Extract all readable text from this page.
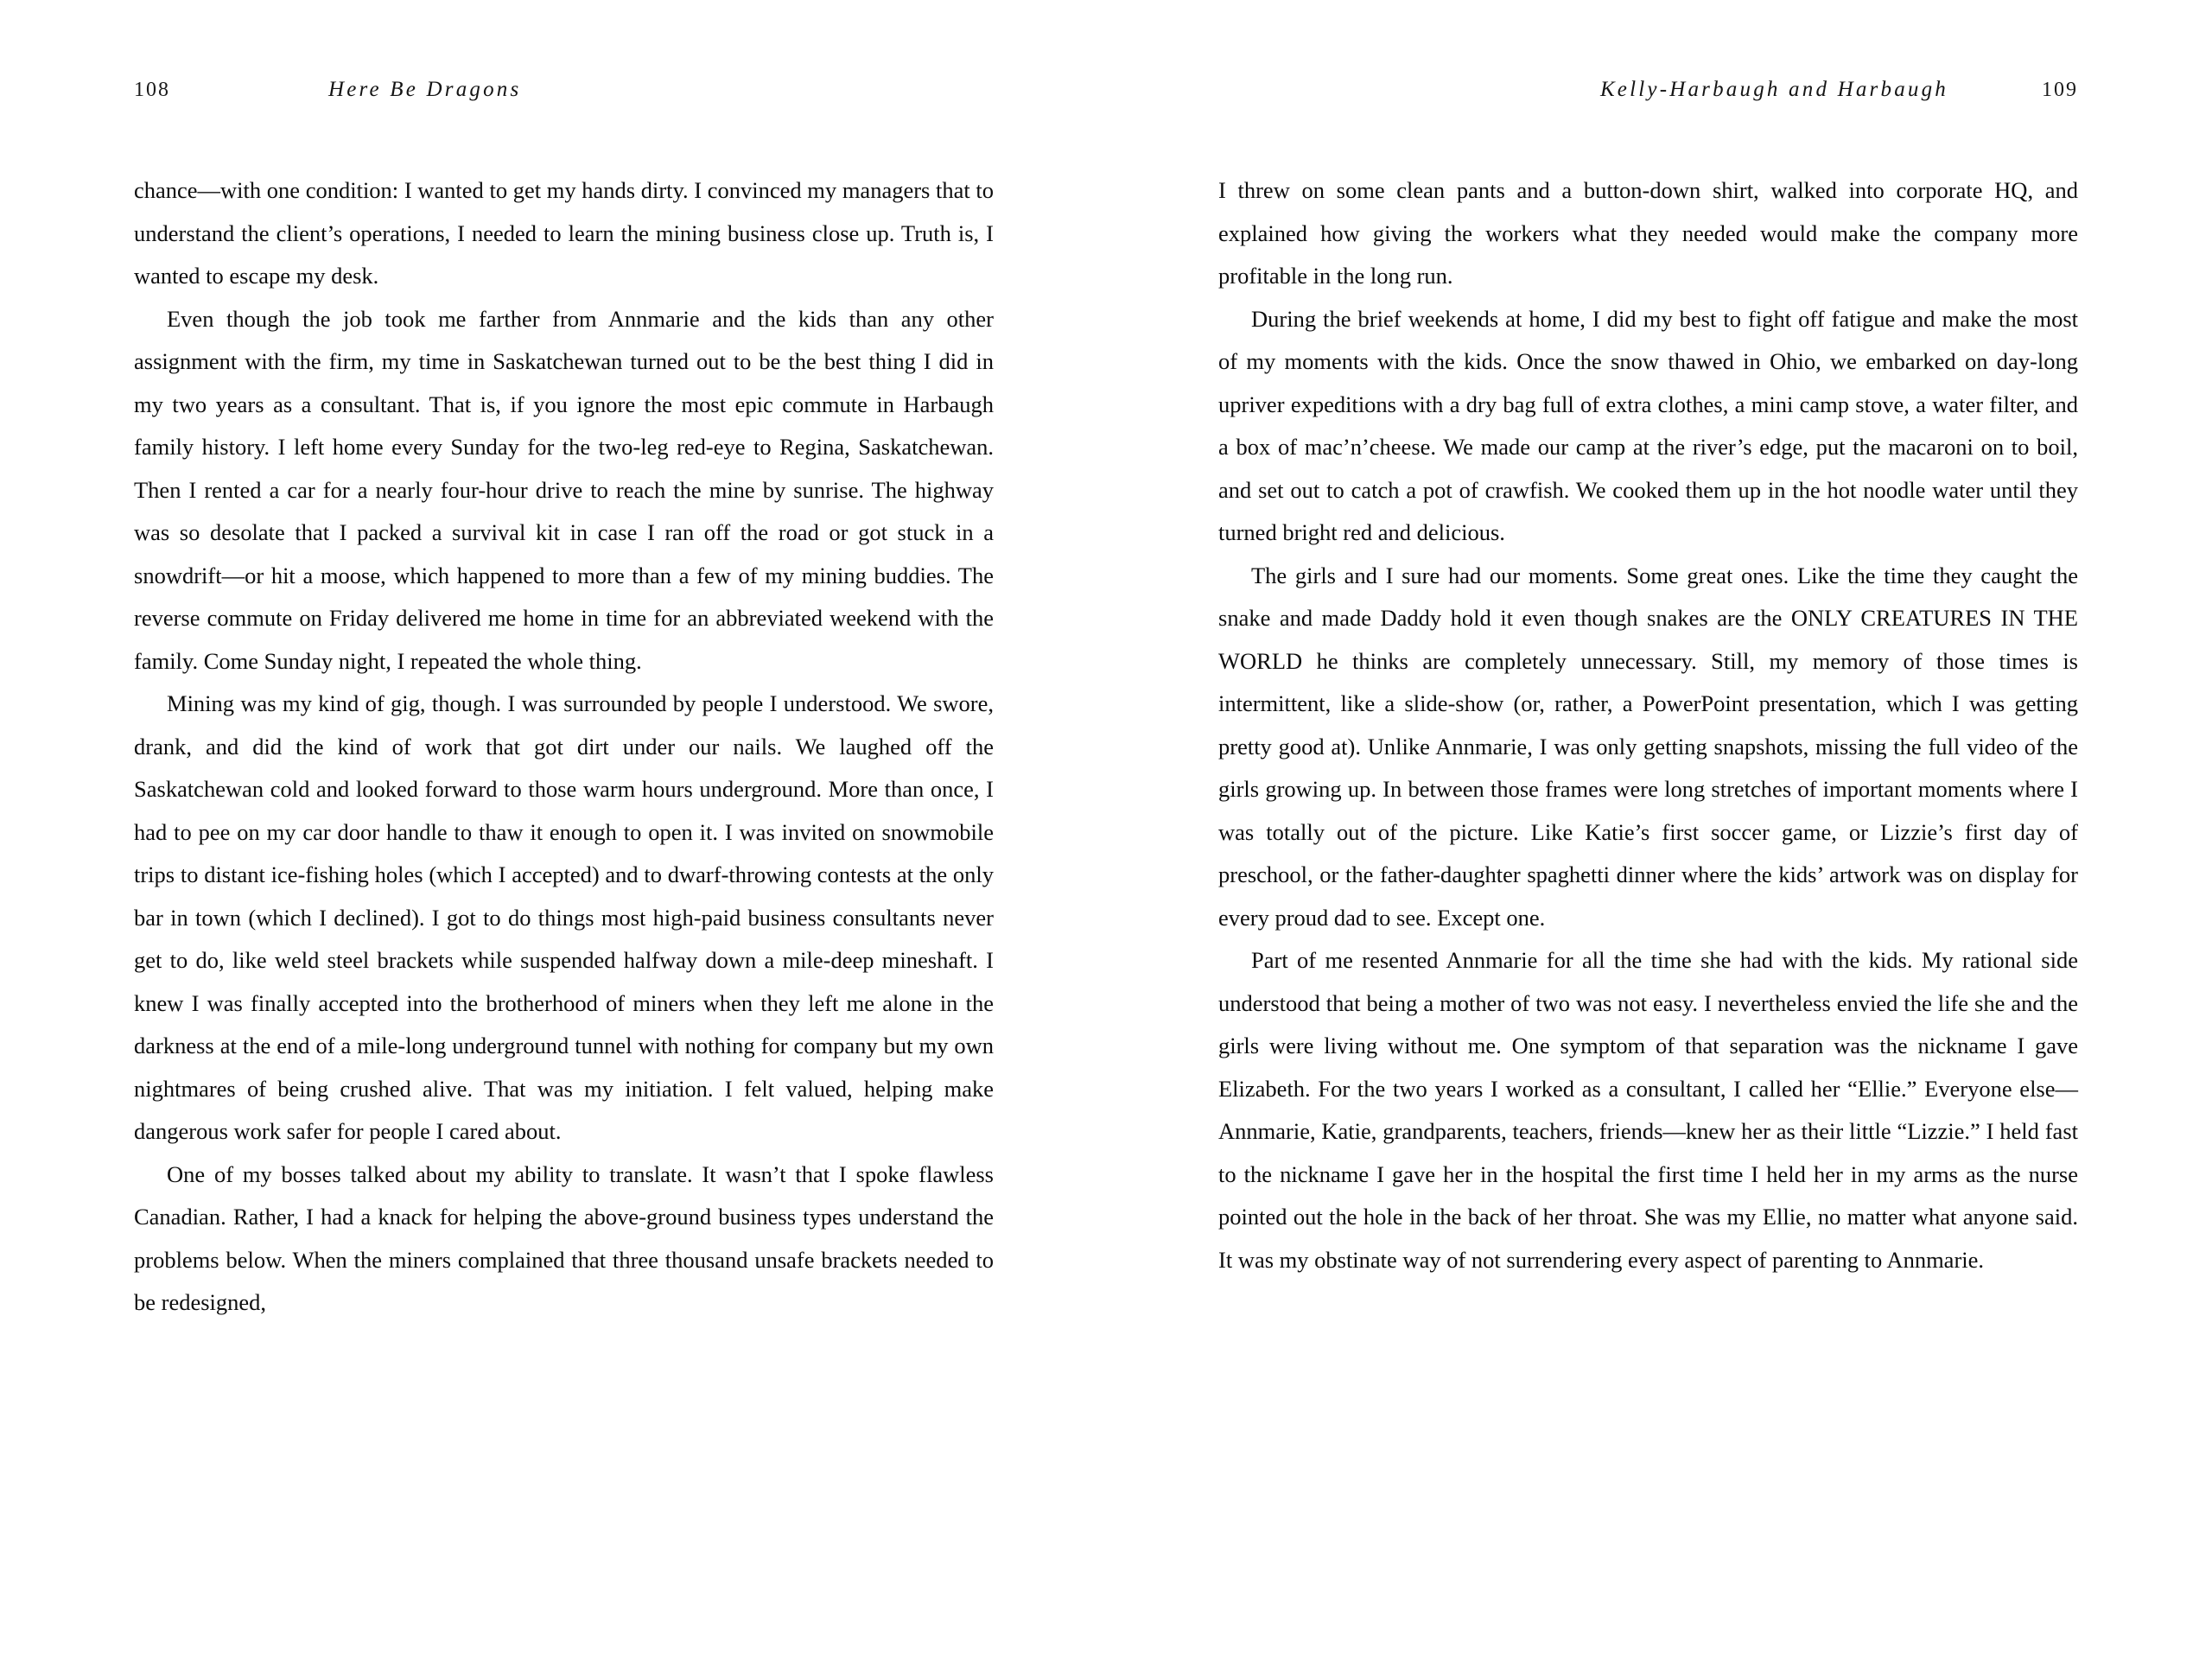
108	Here Be Dragons

chance—with one condition: I wanted to get my hands dirty. I convinced my managers that to understand the client’s operations, I needed to learn the mining business close up. Truth is, I wanted to escape my desk.

Even though the job took me farther from Annmarie and the kids than any other assignment with the firm, my time in Saskatchewan turned out to be the best thing I did in my two years as a consultant. That is, if you ignore the most epic commute in Harbaugh family history. I left home every Sunday for the two-leg red-eye to Regina, Saskatchewan. Then I rented a car for a nearly four-hour drive to reach the mine by sunrise. The highway was so desolate that I packed a survival kit in case I ran off the road or got stuck in a snowdrift—or hit a moose, which happened to more than a few of my mining buddies. The reverse commute on Friday delivered me home in time for an abbreviated weekend with the family. Come Sunday night, I repeated the whole thing.

Mining was my kind of gig, though. I was surrounded by people I understood. We swore, drank, and did the kind of work that got dirt under our nails. We laughed off the Saskatchewan cold and looked forward to those warm hours underground. More than once, I had to pee on my car door handle to thaw it enough to open it. I was invited on snowmobile trips to distant ice-fishing holes (which I accepted) and to dwarf-throwing contests at the only bar in town (which I declined). I got to do things most high-paid business consultants never get to do, like weld steel brackets while suspended halfway down a mile-deep mineshaft. I knew I was finally accepted into the brotherhood of miners when they left me alone in the darkness at the end of a mile-long underground tunnel with nothing for company but my own nightmares of being crushed alive. That was my initiation. I felt valued, helping make dangerous work safer for people I cared about.

One of my bosses talked about my ability to translate. It wasn’t that I spoke flawless Canadian. Rather, I had a knack for helping the above-ground business types understand the problems below. When the miners complained that three thousand unsafe brackets needed to be redesigned,

Kelly-Harbaugh and Harbaugh	109

I threw on some clean pants and a button-down shirt, walked into corporate HQ, and explained how giving the workers what they needed would make the company more profitable in the long run.

During the brief weekends at home, I did my best to fight off fatigue and make the most of my moments with the kids. Once the snow thawed in Ohio, we embarked on day-long upriver expeditions with a dry bag full of extra clothes, a mini camp stove, a water filter, and a box of mac’n’cheese. We made our camp at the river’s edge, put the macaroni on to boil, and set out to catch a pot of crawfish. We cooked them up in the hot noodle water until they turned bright red and delicious.

The girls and I sure had our moments. Some great ones. Like the time they caught the snake and made Daddy hold it even though snakes are the ONLY CREATURES IN THE WORLD he thinks are completely unnecessary. Still, my memory of those times is intermittent, like a slide-show (or, rather, a PowerPoint presentation, which I was getting pretty good at). Unlike Annmarie, I was only getting snapshots, missing the full video of the girls growing up. In between those frames were long stretches of important moments where I was totally out of the picture. Like Katie’s first soccer game, or Lizzie’s first day of preschool, or the father-daughter spaghetti dinner where the kids’ artwork was on display for every proud dad to see. Except one.

Part of me resented Annmarie for all the time she had with the kids. My rational side understood that being a mother of two was not easy. I nevertheless envied the life she and the girls were living without me. One symptom of that separation was the nickname I gave Elizabeth. For the two years I worked as a consultant, I called her “Ellie.” Everyone else—Annmarie, Katie, grandparents, teachers, friends—knew her as their little “Lizzie.” I held fast to the nickname I gave her in the hospital the first time I held her in my arms as the nurse pointed out the hole in the back of her throat. She was my Ellie, no matter what anyone said. It was my obstinate way of not surrendering every aspect of parenting to Annmarie.
